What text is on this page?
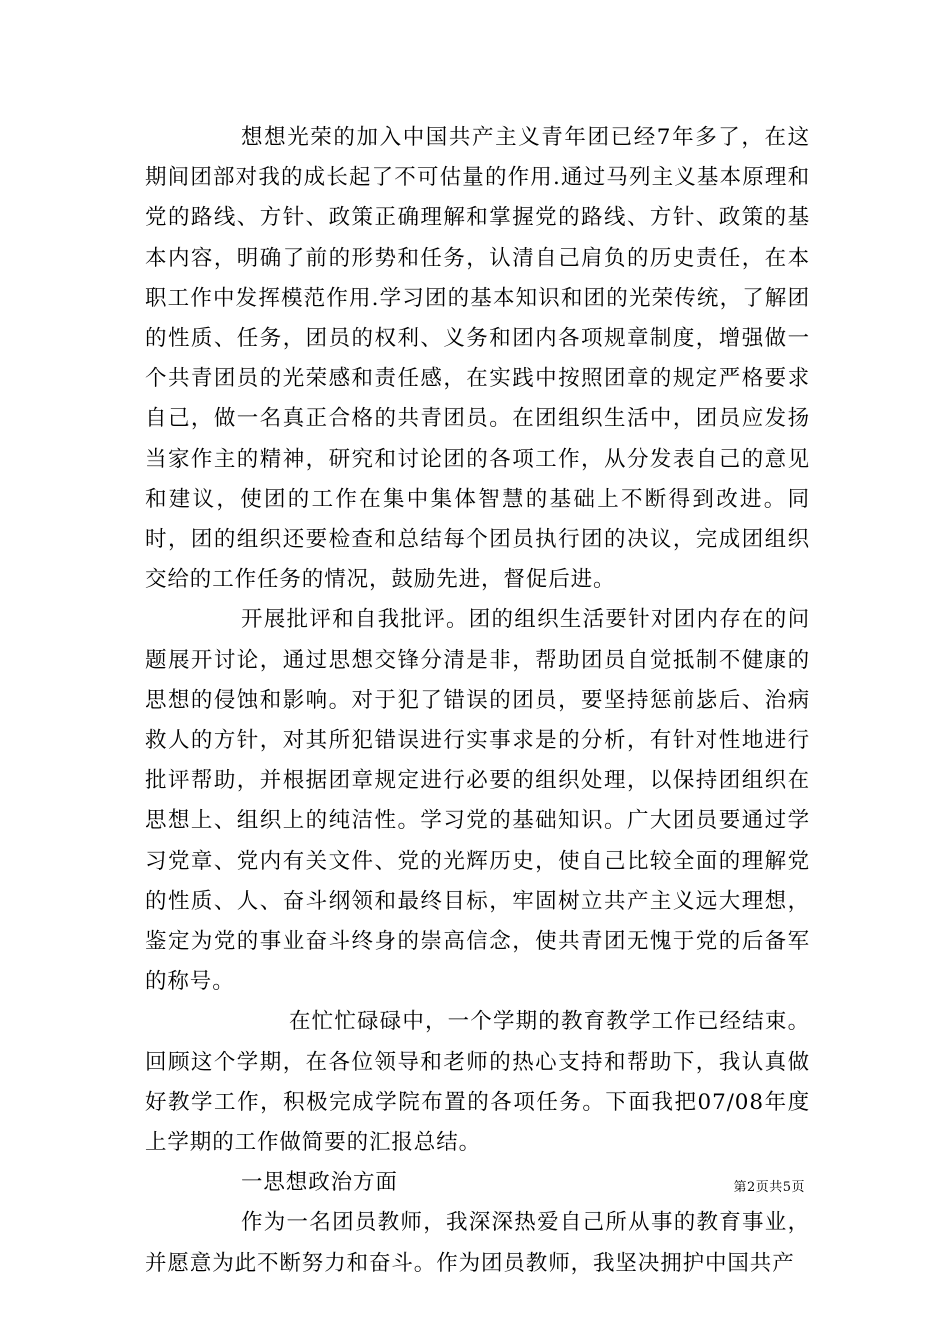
想想光荣的加入中国共产主义青年团已经7年多了，在这期间团部对我的成长起了不可估量的作用.通过马列主义基本原理和党的路线、方针、政策正确理解和掌握党的路线、方针、政策的基本内容，明确了前的形势和任务，认清自己肩负的历史责任，在本职工作中发挥模范作用.学习团的基本知识和团的光荣传统，了解团的性质、任务，团员的权利、义务和团内各项规章制度，增强做一个共青团员的光荣感和责任感，在实践中按照团章的规定严格要求自己，做一名真正合格的共青团员。在团组织生活中，团员应发扬当家作主的精神，研究和讨论团的各项工作，从分发表自己的意见和建议，使团的工作在集中集体智慧的基础上不断得到改进。同时，团的组织还要检查和总结每个团员执行团的决议，完成团组织交给的工作任务的情况，鼓励先进，督促后进。

开展批评和自我批评。团的组织生活要针对团内存在的问题展开讨论，通过思想交锋分清是非，帮助团员自觉抵制不健康的思想的侵蚀和影响。对于犯了错误的团员，要坚持惩前毖后、治病救人的方针，对其所犯错误进行实事求是的分析，有针对性地进行批评帮助，并根据团章规定进行必要的组织处理，以保持团组织在思想上、组织上的纯洁性。学习党的基础知识。广大团员要通过学习党章、党内有关文件、党的光辉历史，使自己比较全面的理解党的性质、人、奋斗纲领和最终目标，牢固树立共产主义远大理想，鉴定为党的事业奋斗终身的崇高信念，使共青团无愧于党的后备军的称号。

在忙忙碌碌中，一个学期的教育教学工作已经结束。回顾这个学期，在各位领导和老师的热心支持和帮助下，我认真做好教学工作，积极完成学院布置的各项任务。下面我把07/08年度上学期的工作做简要的汇报总结。

一思想政治方面

作为一名团员教师，我深深热爱自己所从事的教育事业，并愿意为此不断努力和奋斗。作为团员教师，我坚决拥护中国共产

第2页共5页
